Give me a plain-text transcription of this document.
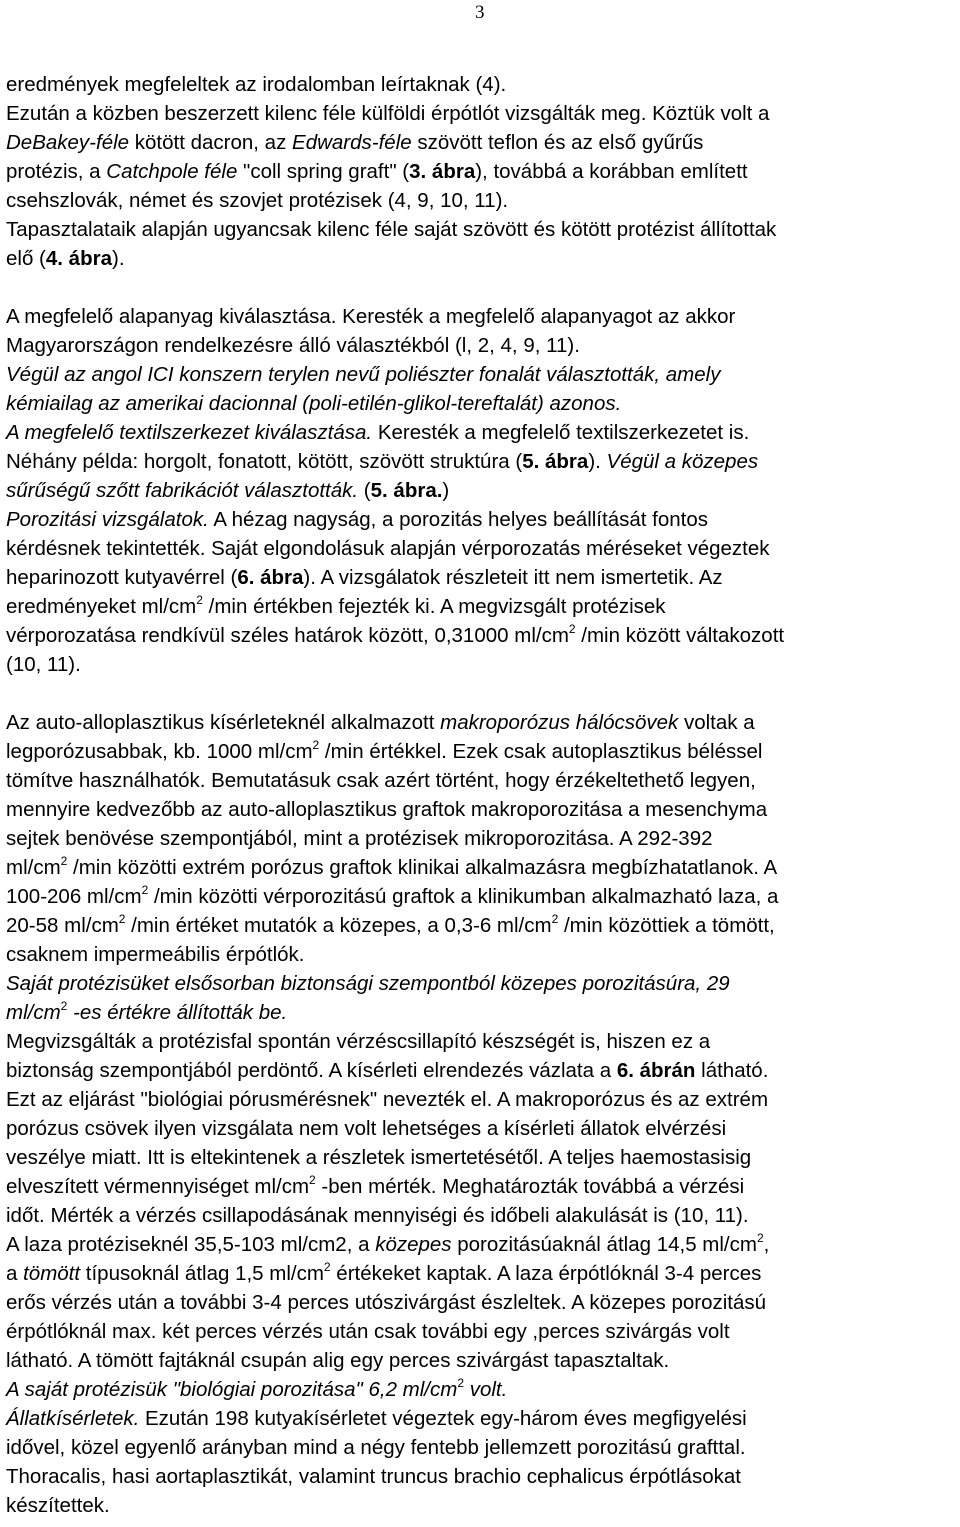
3
eredmények megfeleltek az irodalomban leírtaknak (4).
Ezután a közben beszerzett kilenc féle külföldi érpótlót vizsgálták meg. Köztük volt a
DeBakey-féle kötött dacron, az Edwards-féle szövött teflon és az első gyűrűs
protézis, a Catchpole féle "coll spring graft" (3. ábra), továbbá a korábban említett
csehszlovák, német és szovjet protézisek (4, 9, 10, 11).
Tapasztalataik alapján ugyancsak kilenc féle saját szövött és kötött protézist állítottak
elő (4. ábra).
A megfelelő alapanyag kiválasztása. Keresték a megfelelő alapanyagot az akkor
Magyarországon rendelkezésre álló választékból (l, 2, 4, 9, 11).
Végül az angol ICI konszern terylen nevű poliészter fonalát választották, amely
kémiailag az amerikai dacionnal (poli-etilén-glikol-tereftalát) azonos.
A megfelelő textilszerkezet kiválasztása. Keresték a megfelelő textilszerkezetet is.
Néhány példa: horgolt, fonatott, kötött, szövött struktúra (5. ábra). Végül a közepes
sűrűségű szőtt fabrikációt választották. (5. ábra.)
Porozitási vizsgálatok. A hézag nagyság, a porozitás helyes beállítását fontos
kérdésnek tekintették. Saját elgondolásuk alapján vérporozatás méréseket végeztek
heparinozott kutyavérrel (6. ábra). A vizsgálatok részleteit itt nem ismertetik. Az
eredményeket $ml/cm^2$ /min értékben fejezték ki. A megvizsgált protézisek
vérporozatása rendkívül széles határok között, 0,31000 $ml/cm^2$ /min között váltakozott
(10, 11).
Az auto-alloplasztikus kísérleteknél alkalmazott makroporózus hálócsövek voltak a
legporózusabbak, kb. 1000 $ml/cm^2$ /min értékkel. Ezek csak autoplasztikus béléssel
tömítve használhatók. Bemutatásuk csak azért történt, hogy érzékeltethető legyen,
mennyire kedvezőbb az auto-alloplasztikus graftok makroporozitása a mesenchyma
sejtek benövése szempontjából, mint a protézisek mikroporozitása. A 292-392
$ml/cm^2$ /min közötti extrém porózus graftok klinikai alkalmazásra megbízhatatlanok. A
100-206 $ml/cm^2$ /min közötti vérporozitású graftok a klinikumban alkalmazható laza, a
20-58 $ml/cm^2$ /min értéket mutatók a közepes, a 0,3-6 $ml/cm^2$ /min közöttiek a tömött,
csaknem impermeábilis érpótlók.
Saját protézisüket elsősorban biztonsági szempontból közepes porozitásúra, 29
$ml/cm^2$ -es értékre állították be.
Megvizsgálták a protézisfal spontán vérzéscsillapító készségét is, hiszen ez a
biztonság szempontjából perdöntő. A kísérleti elrendezés vázlata a 6. ábrán látható.
Ezt az eljárást "biológiai pórusmérésnek" nevezték el. A makroporózus és az extrém
porózus csövek ilyen vizsgálata nem volt lehetséges a kísérleti állatok elvérzési
veszélye miatt. Itt is eltekintenek a részletek ismertetésétől. A teljes haemostasisig
elveszített vérmennyiséget $ml/cm^2$ -ben mérték. Meghatározták továbbá a vérzési
időt. Mérték a vérzés csillapodásának mennyiségi és időbeli alakulását is (10, 11).
A laza protéziseknél 35,5-103 ml/cm2, a közepes porozitásúaknál átlag 14,5 $ml/cm^2$,
a tömött típusoknál átlag 1,5 $ml/cm^2$ értékeket kaptak. A laza érpótlóknál 3-4 perces
erős vérzés után a további 3-4 perces utószivárgást észleltek. A közepes porozitású
érpótlóknál max. két perces vérzés után csak további egy ,perces szivárgás volt
látható. A tömött fajtáknál csupán alig egy perces szivárgást tapasztaltak.
A saját protézisük "biológiai porozitása" 6,2 $ml/cm^2$ volt.
Állatkísérletek. Ezután 198 kutyakísérletet végeztek egy-három éves megfigyelési
idővel, közel egyenlő arányban mind a négy fentebb jellemzett porozitású grafttal.
Thoracalis, hasi aortaplasztikát, valamint truncus brachio cephalicus érpótlásokat
készítettek.
